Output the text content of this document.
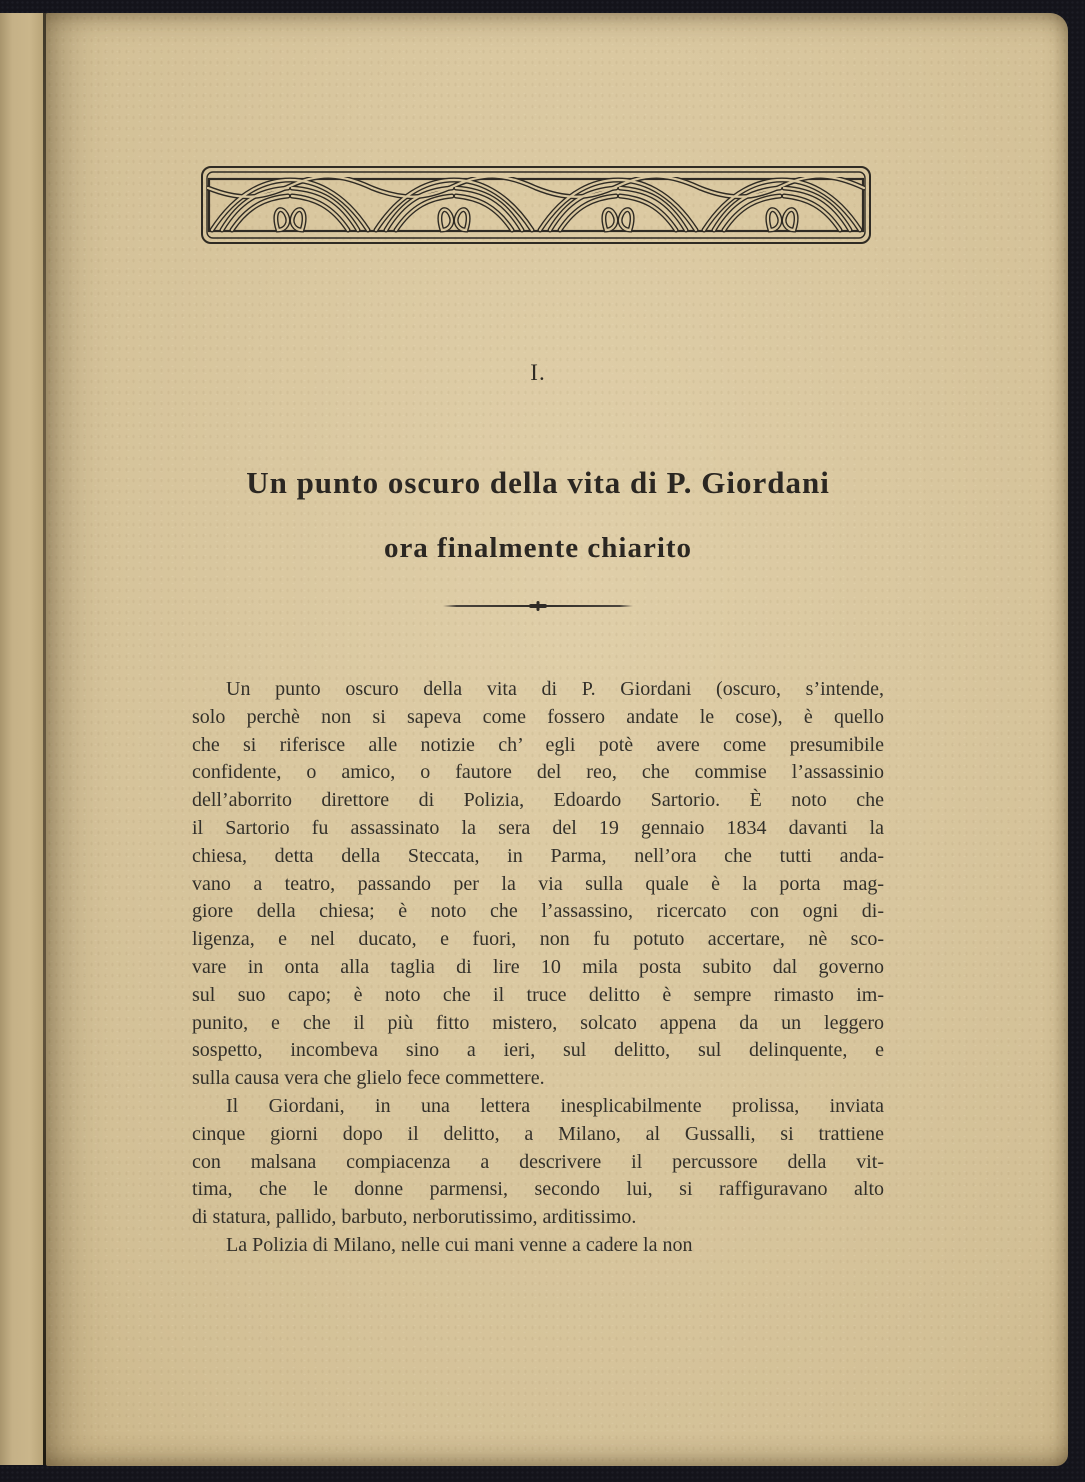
I.
Un punto oscuro della vita di P. Giordani
ora finalmente chiarito
Un punto oscuro della vita di P. Giordani (oscuro, s’intende,
solo perchè non si sapeva come fossero andate le cose), è quello
che si riferisce alle notizie ch’ egli potè avere come presumibile
confidente, o amico, o fautore del reo, che commise l’assassinio
dell’aborrito direttore di Polizia, Edoardo Sartorio. È noto che
il Sartorio fu assassinato la sera del 19 gennaio 1834 davanti la
chiesa, detta della Steccata, in Parma, nell’ora che tutti anda-
vano a teatro, passando per la via sulla quale è la porta mag-
giore della chiesa; è noto che l’assassino, ricercato con ogni di-
ligenza, e nel ducato, e fuori, non fu potuto accertare, nè sco-
vare in onta alla taglia di lire 10 mila posta subito dal governo
sul suo capo; è noto che il truce delitto è sempre rimasto im-
punito, e che il più fitto mistero, solcato appena da un leggero
sospetto, incombeva sino a ieri, sul delitto, sul delinquente, e
sulla causa vera che glielo fece commettere.
Il Giordani, in una lettera inesplicabilmente prolissa, inviata
cinque giorni dopo il delitto, a Milano, al Gussalli, si trattiene
con malsana compiacenza a descrivere il percussore della vit-
tima, che le donne parmensi, secondo lui, si raffiguravano alto
di statura, pallido, barbuto, nerborutissimo, arditissimo.
La Polizia di Milano, nelle cui mani venne a cadere la non
